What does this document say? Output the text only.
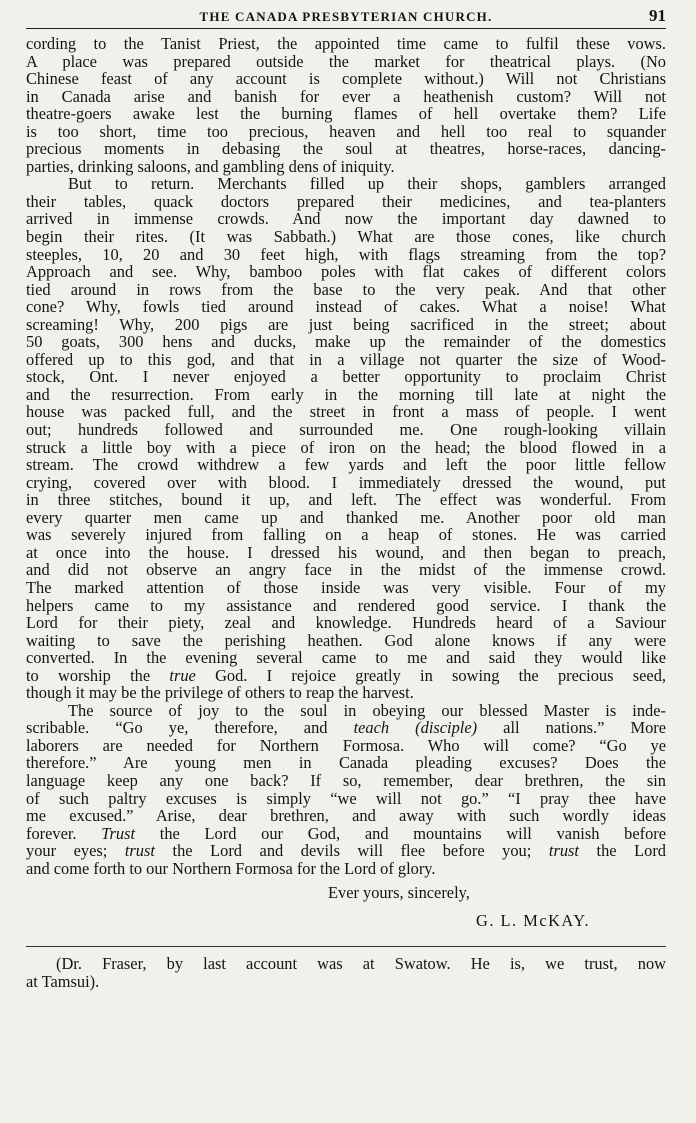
THE CANADA PRESBYTERIAN CHURCH.	91

cording to the Tanist Priest, the appointed time came to fulfil these vows.
A place was prepared outside the market for theatrical plays. (No
Chinese feast of any account is complete without.) Will not Christians
in Canada arise and banish for ever a heathenish custom? Will not
theatre-goers awake lest the burning flames of hell overtake them? Life
is too short, time too precious, heaven and hell too real to squander
precious moments in debasing the soul at theatres, horse-races, dancing-
parties, drinking saloons, and gambling dens of iniquity.

But to return. Merchants filled up their shops, gamblers arranged
their tables, quack doctors prepared their medicines, and tea-planters
arrived in immense crowds. And now the important day dawned to
begin their rites. (It was Sabbath.) What are those cones, like church
steeples, 10, 20 and 30 feet high, with flags streaming from the top?
Approach and see. Why, bamboo poles with flat cakes of different colors
tied around in rows from the base to the very peak. And that other
cone? Why, fowls tied around instead of cakes. What a noise! What
screaming! Why, 200 pigs are just being sacrificed in the street; about
50 goats, 300 hens and ducks, make up the remainder of the domestics
offered up to this god, and that in a village not quarter the size of Wood-
stock, Ont. I never enjoyed a better opportunity to proclaim Christ
and the resurrection. From early in the morning till late at night the
house was packed full, and the street in front a mass of people. I went
out; hundreds followed and surrounded me. One rough-looking villain
struck a little boy with a piece of iron on the head; the blood flowed in a
stream. The crowd withdrew a few yards and left the poor little fellow
crying, covered over with blood. I immediately dressed the wound, put
in three stitches, bound it up, and left. The effect was wonderful. From
every quarter men came up and thanked me. Another poor old man
was severely injured from falling on a heap of stones. He was carried
at once into the house. I dressed his wound, and then began to preach,
and did not observe an angry face in the midst of the immense crowd.
The marked attention of those inside was very visible. Four of my
helpers came to my assistance and rendered good service. I thank the
Lord for their piety, zeal and knowledge. Hundreds heard of a Saviour
waiting to save the perishing heathen. God alone knows if any were
converted. In the evening several came to me and said they would like
to worship the true God. I rejoice greatly in sowing the precious seed,
though it may be the privilege of others to reap the harvest.

The source of joy to the soul in obeying our blessed Master is inde-
scribable. “Go ye, therefore, and teach (disciple) all nations.” More
laborers are needed for Northern Formosa. Who will come? “Go ye
therefore.” Are young men in Canada pleading excuses? Does the
language keep any one back? If so, remember, dear brethren, the sin
of such paltry excuses is simply “we will not go.” “I pray thee have
me excused.” Arise, dear brethren, and away with such wordly ideas
forever. Trust the Lord our God, and mountains will vanish before
your eyes; trust the Lord and devils will flee before you; trust the Lord
and come forth to our Northern Formosa for the Lord of glory.

Ever yours, sincerely,

G. L. McKAY.

(Dr. Fraser, by last account was at Swatow. He is, we trust, now
at Tamsui).
